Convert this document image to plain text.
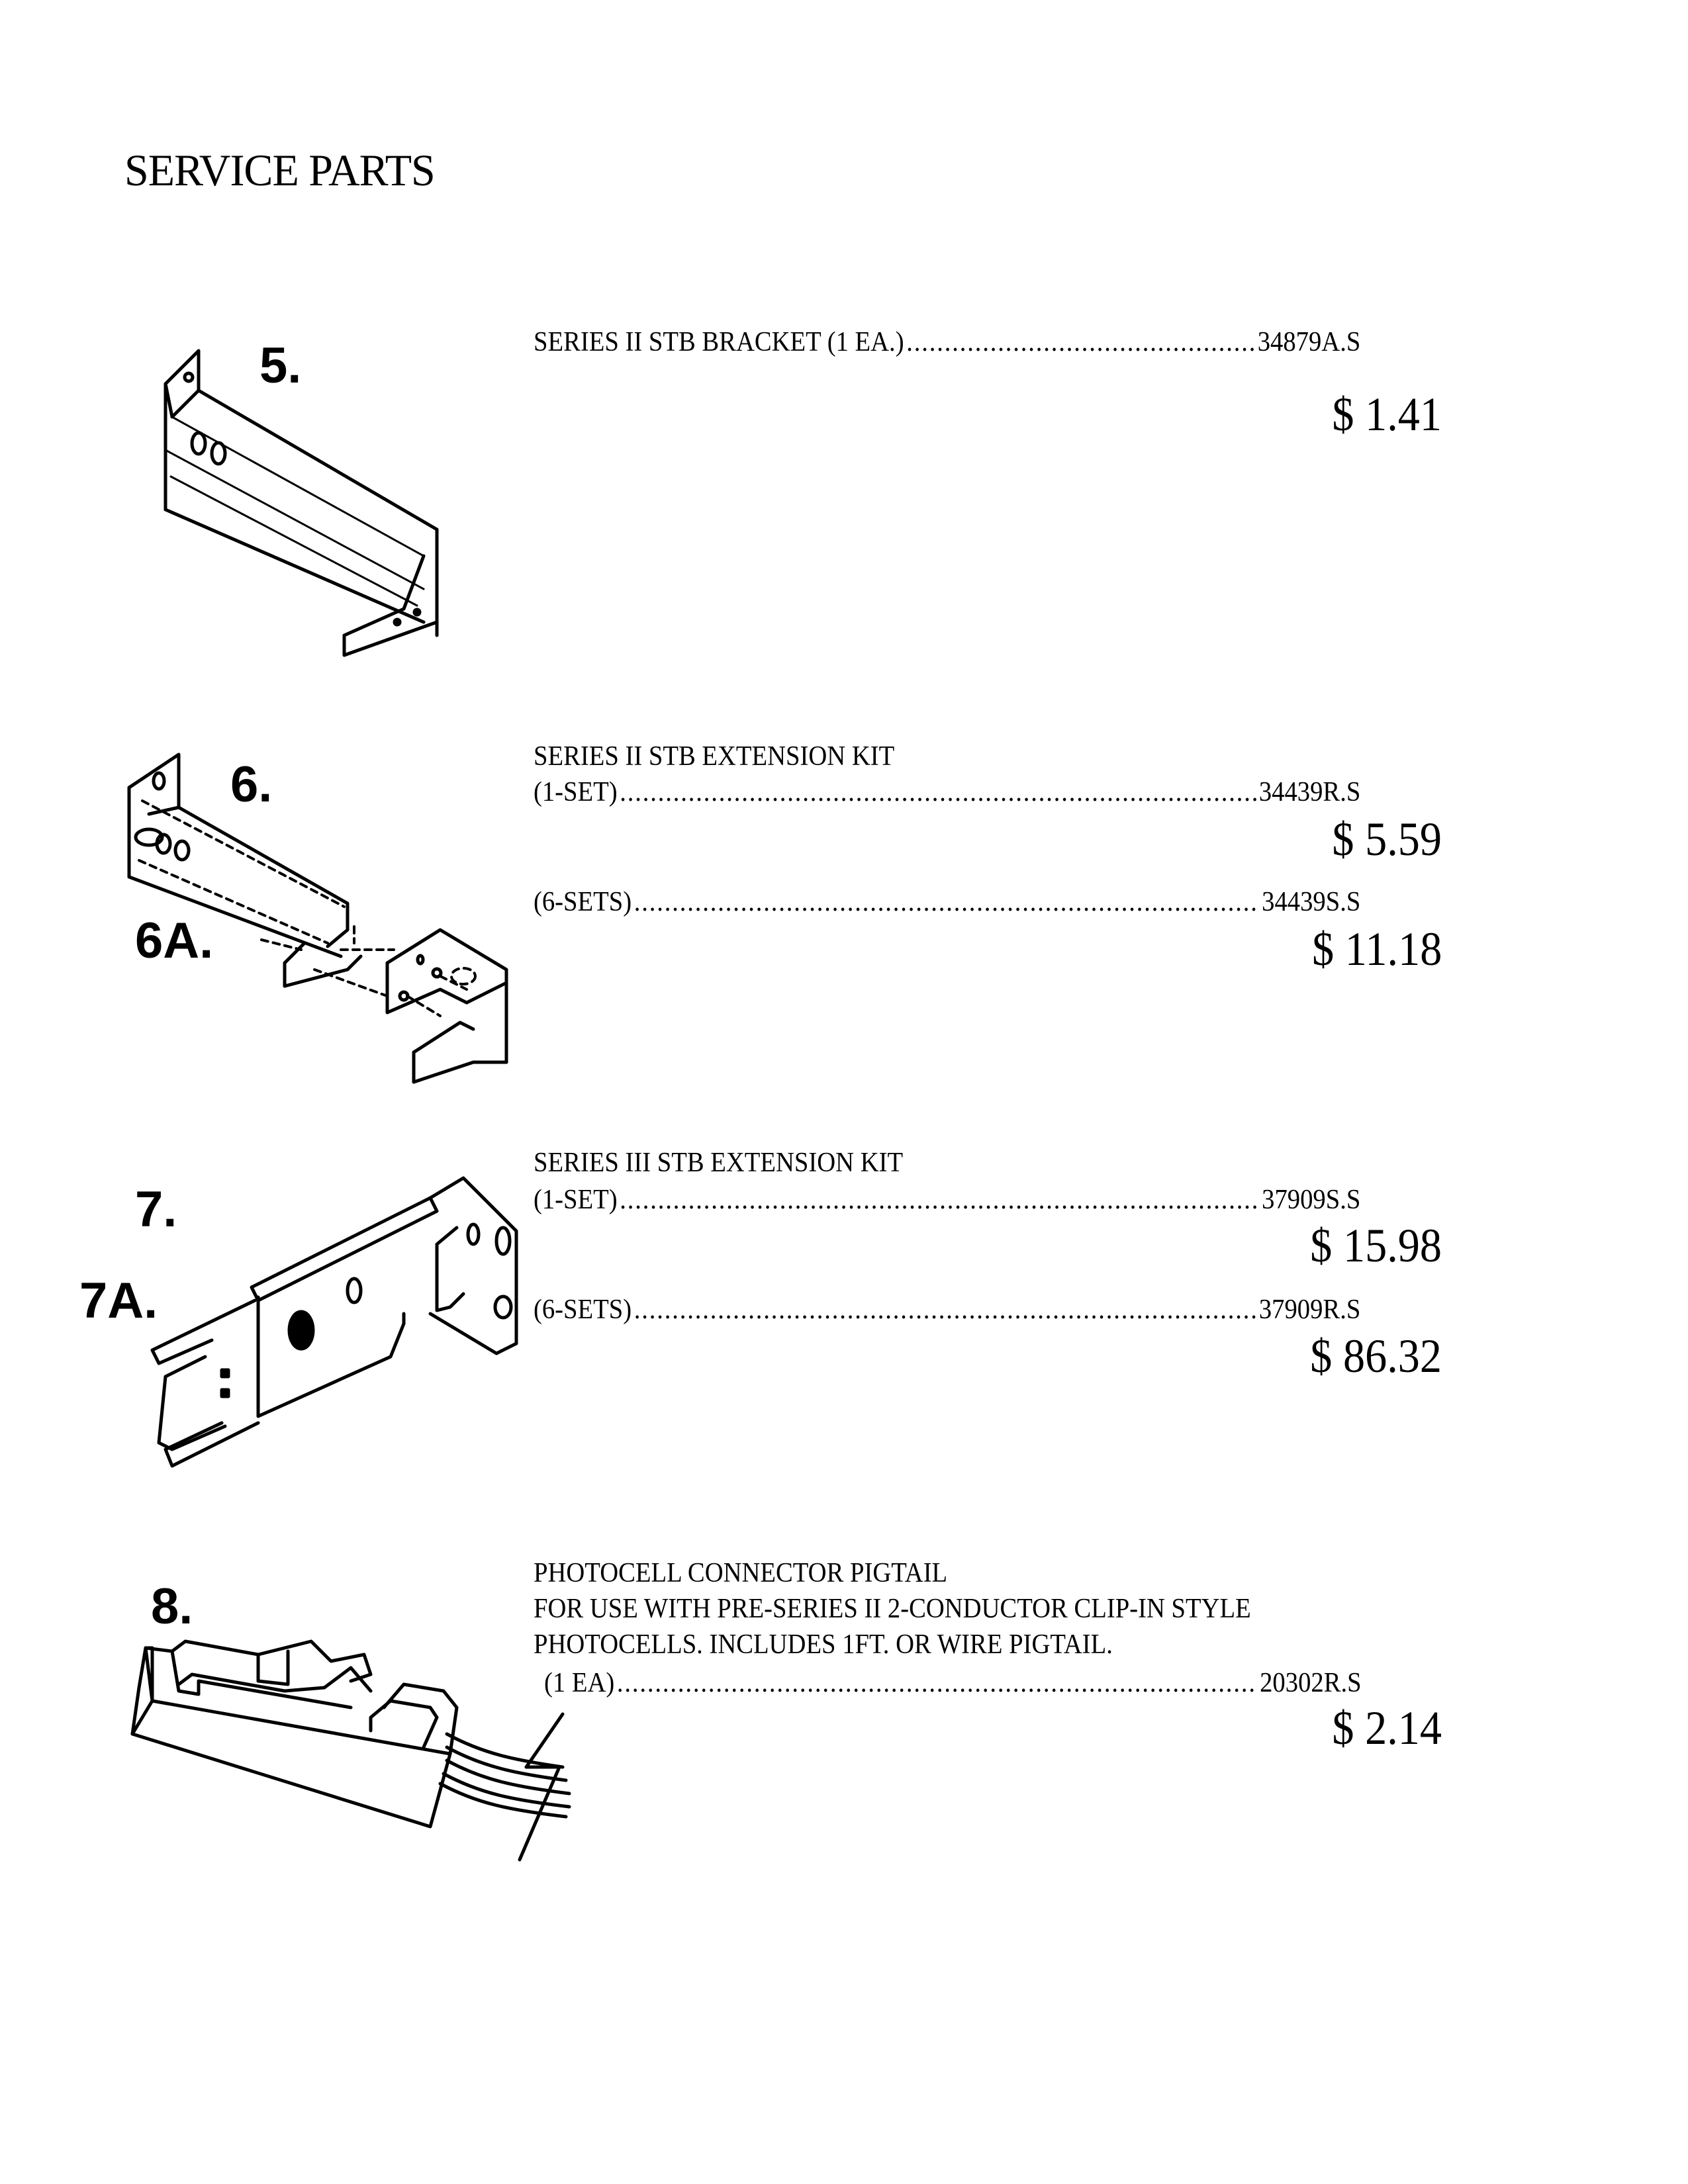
SERVICE PARTS
5.	SERIES II STB BRACKET (1 EA.) .....	34879A.S
$ 1.41
6.
6A.
SERIES II STB EXTENSION KIT
(1-SET) .....	34439R.S
$ 5.59
(6-SETS) .....	34439S.S
$ 11.18
7.
7A.
SERIES III STB EXTENSION KIT
(1-SET) .....	37909S.S
$ 15.98
(6-SETS) .....	37909R.S
$ 86.32
8.
PHOTOCELL CONNECTOR PIGTAIL
FOR USE WITH PRE-SERIES II 2-CONDUCTOR CLIP-IN STYLE
PHOTOCELLS. INCLUDES 1FT. OR WIRE PIGTAIL.
(1 EA) .....	20302R.S
$ 2.14
